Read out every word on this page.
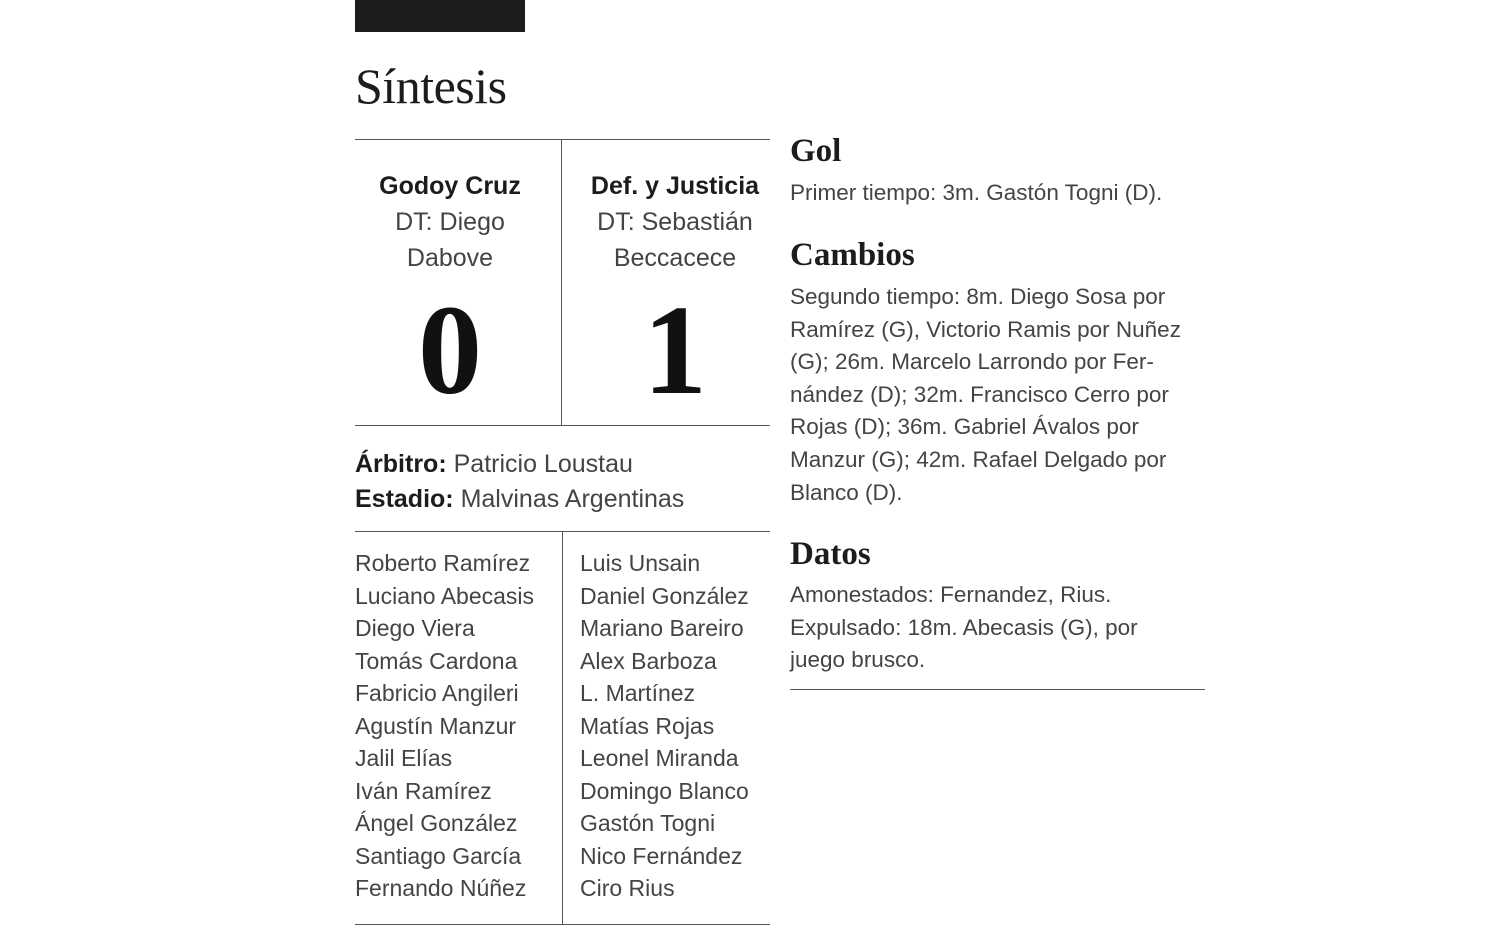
Síntesis
Godoy Cruz
DT: Diego
Dabove
0
Def. y Justicia
DT: Sebastián
Beccacece
1
Árbitro: Patricio Loustau
Estadio: Malvinas Argentinas
Roberto Ramírez
Luciano Abecasis
Diego Viera
Tomás Cardona
Fabricio Angileri
Agustín Manzur
Jalil Elías
Iván Ramírez
Ángel González
Santiago García
Fernando Núñez
Luis Unsain
Daniel González
Mariano Bareiro
Alex Barboza
L. Martínez
Matías Rojas
Leonel Miranda
Domingo Blanco
Gastón Togni
Nico Fernández
Ciro Rius
Gol
Primer tiempo: 3m. Gastón Togni (D).
Cambios
Segundo tiempo: 8m. Diego Sosa por
Ramírez (G), Victorio Ramis por Nuñez
(G); 26m. Marcelo Larrondo por Fer-
nández (D); 32m. Francisco Cerro por
Rojas (D); 36m. Gabriel Ávalos por
Manzur (G); 42m. Rafael Delgado por
Blanco (D).
Datos
Amonestados: Fernandez, Rius.
Expulsado: 18m. Abecasis (G), por
juego brusco.
